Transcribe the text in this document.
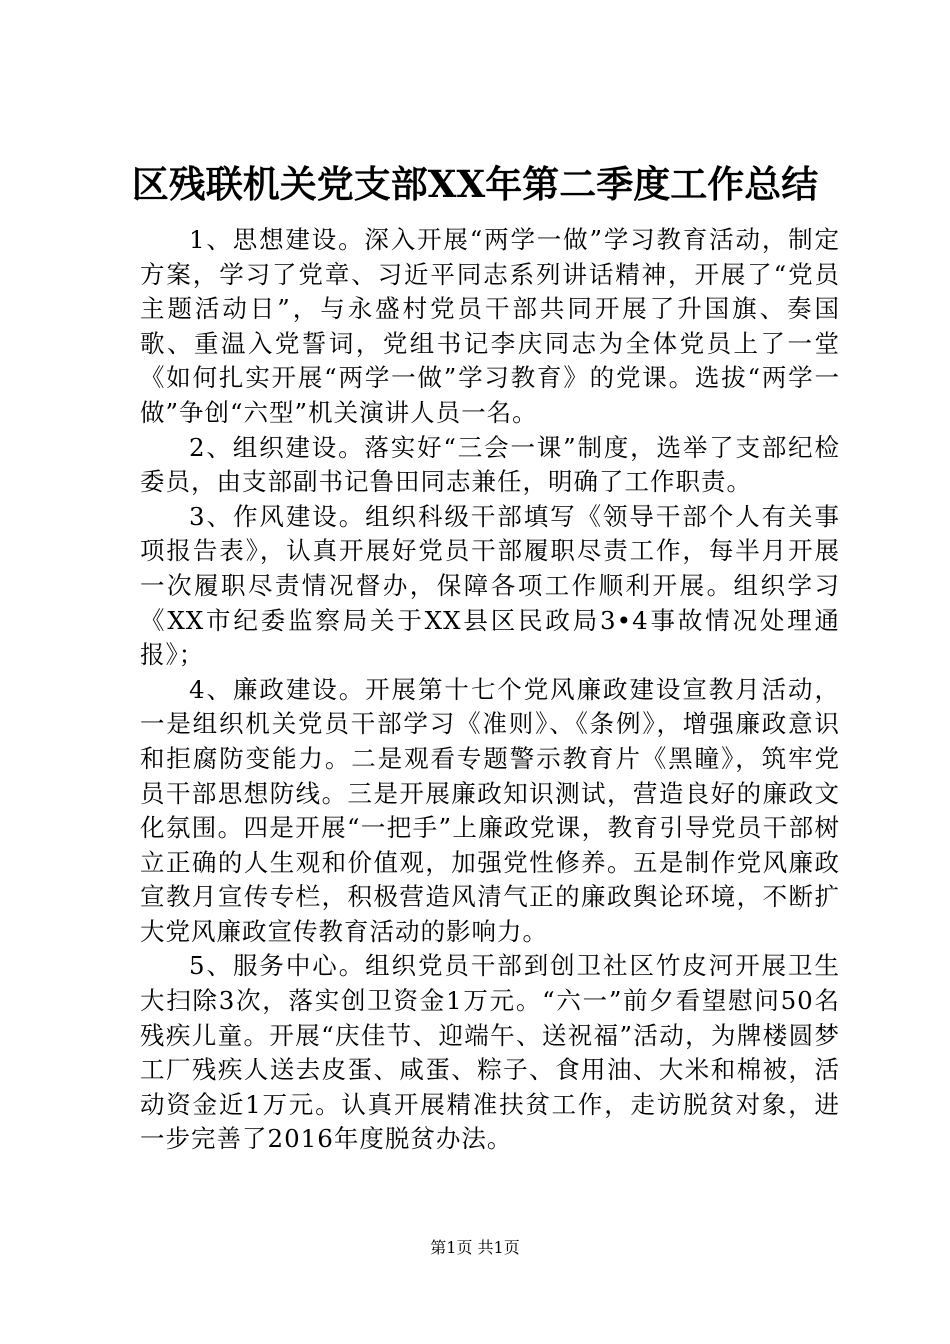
区残联机关党支部XX年第二季度工作总结

1、思想建设。深入开展“两学一做”学习教育活动，制定方案，学习了党章、习近平同志系列讲话精神，开展了“党员主题活动日”，与永盛村党员干部共同开展了升国旗、奏国歌、重温入党誓词，党组书记李庆同志为全体党员上了一堂《如何扎实开展“两学一做”学习教育》的党课。选拔“两学一做”争创“六型”机关演讲人员一名。

2、组织建设。落实好“三会一课”制度，选举了支部纪检委员，由支部副书记鲁田同志兼任，明确了工作职责。

3、作风建设。组织科级干部填写《领导干部个人有关事项报告表》，认真开展好党员干部履职尽责工作，每半月开展一次履职尽责情况督办，保障各项工作顺利开展。组织学习《XX市纪委监察局关于XX县区民政局3•4事故情况处理通报》；

4、廉政建设。开展第十七个党风廉政建设宣教月活动，一是组织机关党员干部学习《准则》、《条例》，增强廉政意识和拒腐防变能力。二是观看专题警示教育片《黑瞳》，筑牢党员干部思想防线。三是开展廉政知识测试，营造良好的廉政文化氛围。四是开展“一把手”上廉政党课，教育引导党员干部树立正确的人生观和价值观，加强党性修养。五是制作党风廉政宣教月宣传专栏，积极营造风清气正的廉政舆论环境，不断扩大党风廉政宣传教育活动的影响力。

5、服务中心。组织党员干部到创卫社区竹皮河开展卫生大扫除3次，落实创卫资金1万元。“六一”前夕看望慰问50名残疾儿童。开展“庆佳节、迎端午、送祝福”活动，为牌楼圆梦工厂残疾人送去皮蛋、咸蛋、粽子、食用油、大米和棉被，活动资金近1万元。认真开展精准扶贫工作，走访脱贫对象，进一步完善了2016年度脱贫办法。

第1页 共1页
